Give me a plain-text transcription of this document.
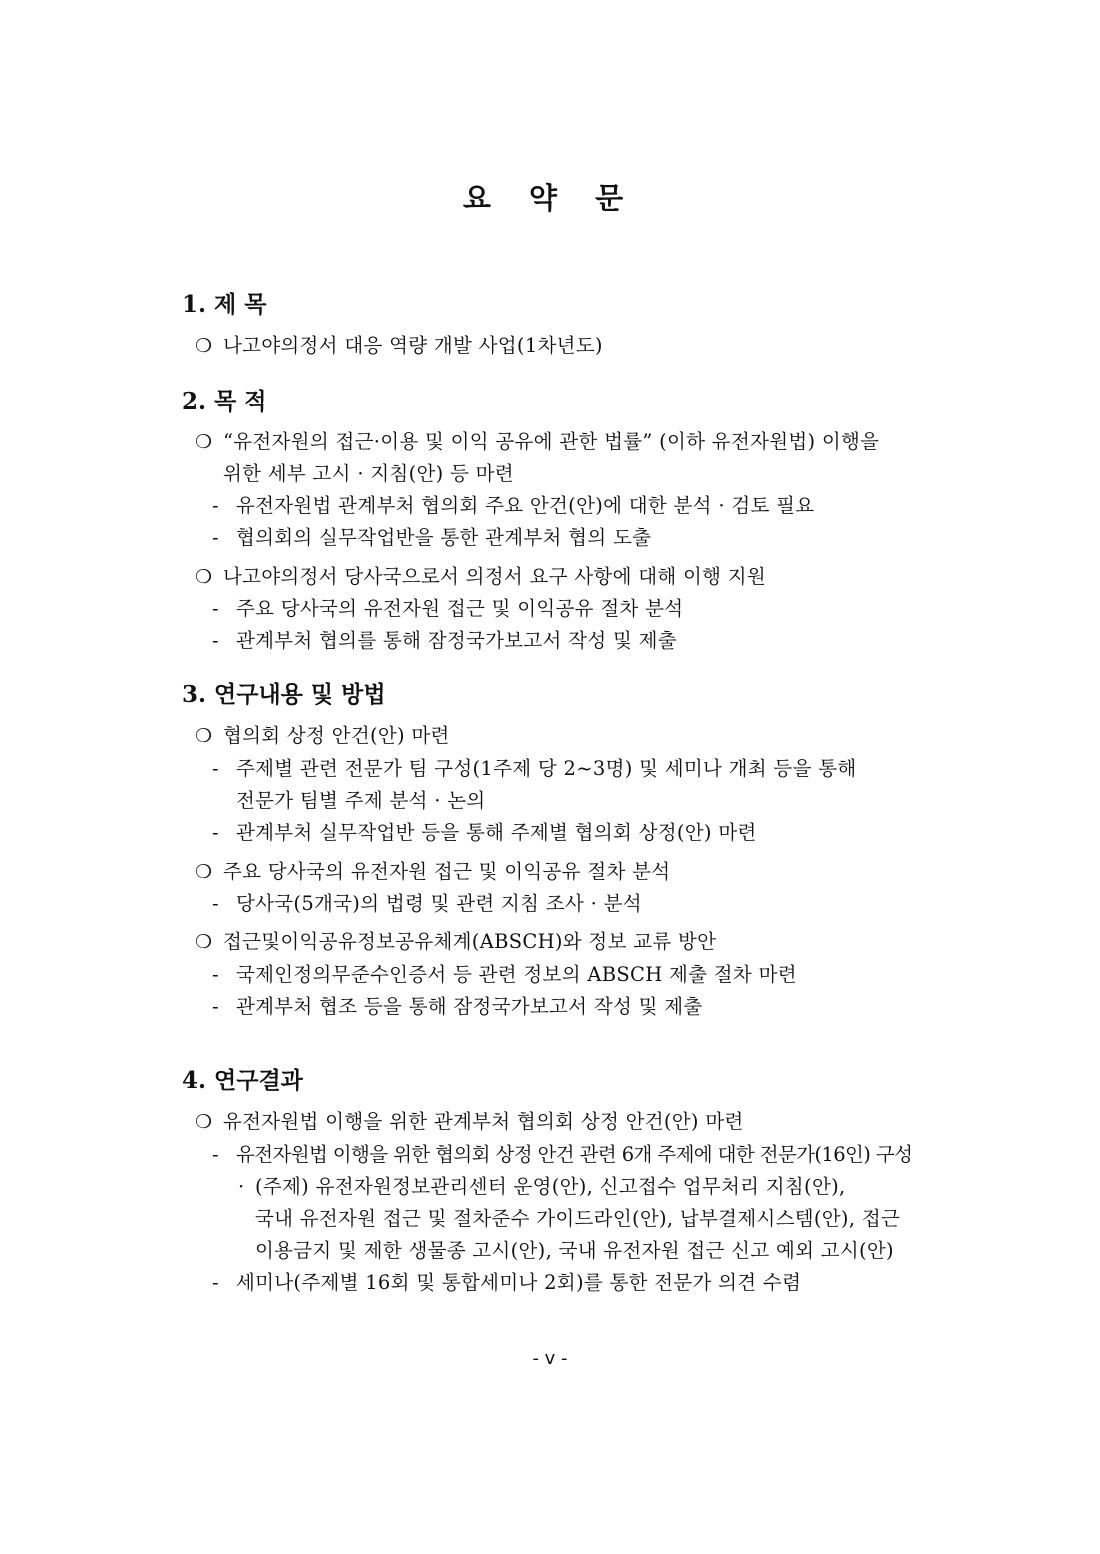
요 약 문
1. 제 목
❍ 나고야의정서 대응 역량 개발 사업(1차년도)
2. 목 적
❍ “유전자원의 접근·이용 및 이익 공유에 관한 법률” (이하 유전자원법) 이행을
위한 세부 고시 · 지침(안) 등 마련
- 유전자원법 관계부처 협의회 주요 안건(안)에 대한 분석 · 검토 필요
- 협의회의 실무작업반을 통한 관계부처 협의 도출
❍ 나고야의정서 당사국으로서 의정서 요구 사항에 대해 이행 지원
- 주요 당사국의 유전자원 접근 및 이익공유 절차 분석
- 관계부처 협의를 통해 잠정국가보고서 작성 및 제출
3. 연구내용 및 방법
❍ 협의회 상정 안건(안) 마련
- 주제별 관련 전문가 팀 구성(1주제 당 2~3명) 및 세미나 개최 등을 통해
전문가 팀별 주제 분석 · 논의
- 관계부처 실무작업반 등을 통해 주제별 협의회 상정(안) 마련
❍ 주요 당사국의 유전자원 접근 및 이익공유 절차 분석
- 당사국(5개국)의 법령 및 관련 지침 조사 · 분석
❍ 접근및이익공유정보공유체계(ABSCH)와 정보 교류 방안
- 국제인정의무준수인증서 등 관련 정보의 ABSCH 제출 절차 마련
- 관계부처 협조 등을 통해 잠정국가보고서 작성 및 제출
4. 연구결과
❍ 유전자원법 이행을 위한 관계부처 협의회 상정 안건(안) 마련
- 유전자원법 이행을 위한 협의회 상정 안건 관련 6개 주제에 대한 전문가(16인) 구성
· (주제) 유전자원정보관리센터 운영(안), 신고접수 업무처리 지침(안),
국내 유전자원 접근 및 절차준수 가이드라인(안), 납부결제시스템(안), 접근
이용금지 및 제한 생물종 고시(안), 국내 유전자원 접근 신고 예외 고시(안)
- 세미나(주제별 16회 및 통합세미나 2회)를 통한 전문가 의견 수렴
- v -
